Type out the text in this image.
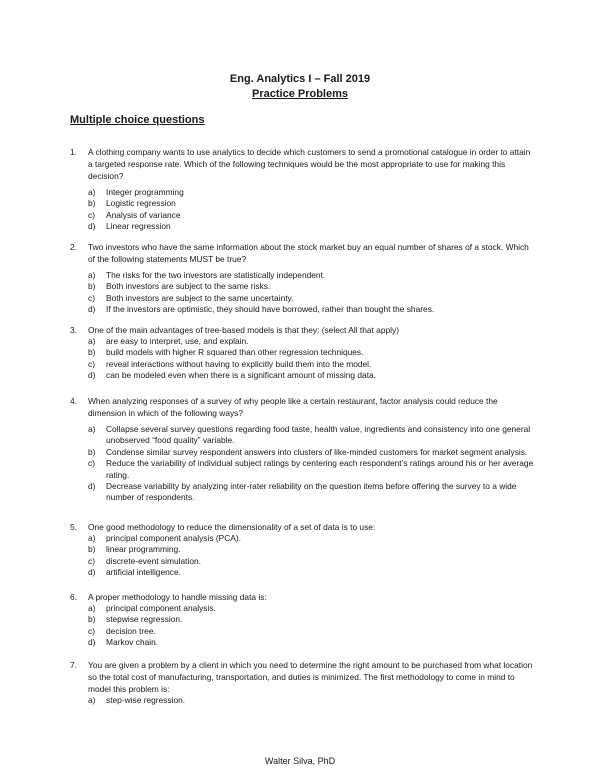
Eng. Analytics I – Fall 2019
Practice Problems
Multiple choice questions
1.	A clothing company wants to use analytics to decide which customers to send a promotional catalogue in order to attain a targeted response rate. Which of the following techniques would be the most appropriate to use for making this decision?
a) Integer programming
b) Logistic regression
c) Analysis of variance
d) Linear regression
2.	Two investors who have the same information about the stock market buy an equal number of shares of a stock. Which of the following statements MUST be true?
a) The risks for the two investors are statistically independent.
b) Both investors are subject to the same risks.
c) Both investors are subject to the same uncertainty.
d) If the investors are optimistic, they should have borrowed, rather than bought the shares.
3.	One of the main advantages of tree-based models is that they: (select All that apply)
a) are easy to interpret, use, and explain.
b) build models with higher R squared than other regression techniques.
c) reveal interactions without having to explicitly build them into the model.
d) can be modeled even when there is a significant amount of missing data.
4.	When analyzing responses of a survey of why people like a certain restaurant, factor analysis could reduce the dimension in which of the following ways?
a) Collapse several survey questions regarding food taste, health value, ingredients and consistency into one general unobserved “food quality” variable.
b) Condense similar survey respondent answers into clusters of like-minded customers for market segment analysis.
c) Reduce the variability of individual subject ratings by centering each respondent’s ratings around his or her average rating.
d) Decrease variability by analyzing inter-rater reliability on the question items before offering the survey to a wide number of respondents.
5.	One good methodology to reduce the dimensionality of a set of data is to use:
a) principal component analysis (PCA).
b) linear programming.
c) discrete-event simulation.
d) artificial intelligence.
6.	A proper methodology to handle missing data is:
a) principal component analysis.
b) stepwise regression.
c) decision tree.
d) Markov chain.
7.	You are given a problem by a client in which you need to determine the right amount to be purchased from what location so the total cost of manufacturing, transportation, and duties is minimized. The first methodology to come in mind to model this problem is:
a) step-wise regression.
Walter Silva, PhD
